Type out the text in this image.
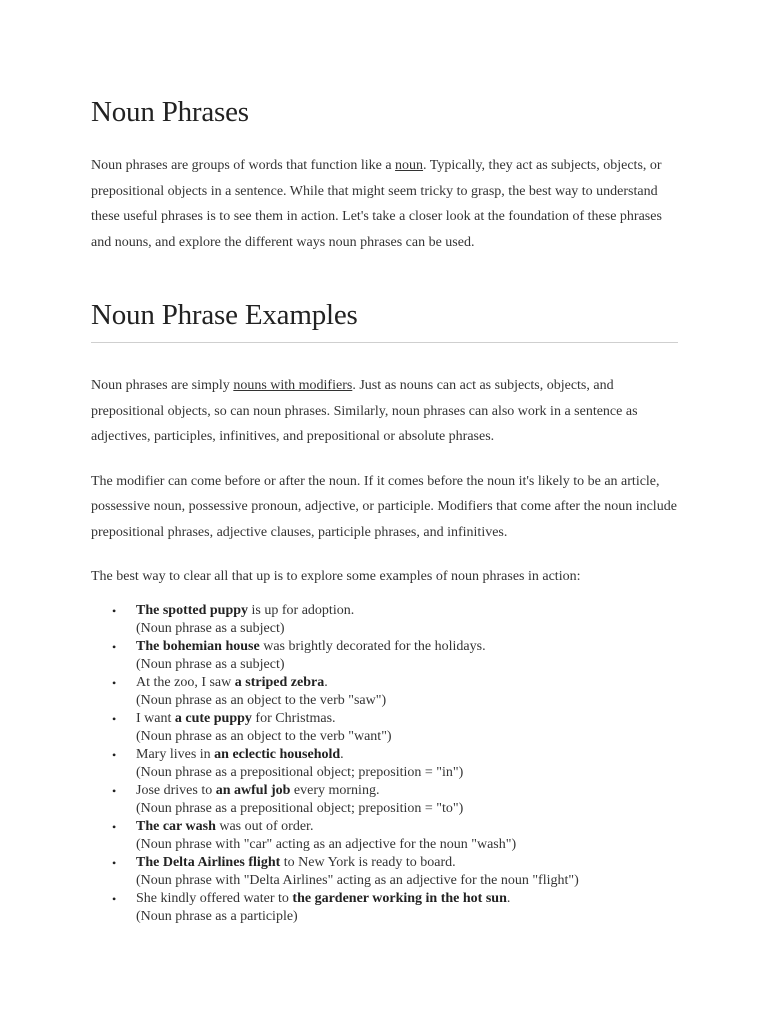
Noun Phrases

Noun phrases are groups of words that function like a noun. Typically, they act as subjects, objects, or prepositional objects in a sentence. While that might seem tricky to grasp, the best way to understand these useful phrases is to see them in action. Let's take a closer look at the foundation of these phrases and nouns, and explore the different ways noun phrases can be used.

Noun Phrase Examples

Noun phrases are simply nouns with modifiers. Just as nouns can act as subjects, objects, and prepositional objects, so can noun phrases. Similarly, noun phrases can also work in a sentence as adjectives, participles, infinitives, and prepositional or absolute phrases.

The modifier can come before or after the noun. If it comes before the noun it's likely to be an article, possessive noun, possessive pronoun, adjective, or participle. Modifiers that come after the noun include prepositional phrases, adjective clauses, participle phrases, and infinitives.

The best way to clear all that up is to explore some examples of noun phrases in action:

• The spotted puppy is up for adoption.
(Noun phrase as a subject)
• The bohemian house was brightly decorated for the holidays.
(Noun phrase as a subject)
• At the zoo, I saw a striped zebra.
(Noun phrase as an object to the verb "saw")
• I want a cute puppy for Christmas.
(Noun phrase as an object to the verb "want")
• Mary lives in an eclectic household.
(Noun phrase as a prepositional object; preposition = "in")
• Jose drives to an awful job every morning.
(Noun phrase as a prepositional object; preposition = "to")
• The car wash was out of order.
(Noun phrase with "car" acting as an adjective for the noun "wash")
• The Delta Airlines flight to New York is ready to board.
(Noun phrase with "Delta Airlines" acting as an adjective for the noun "flight")
• She kindly offered water to the gardener working in the hot sun.
(Noun phrase as a participle)
